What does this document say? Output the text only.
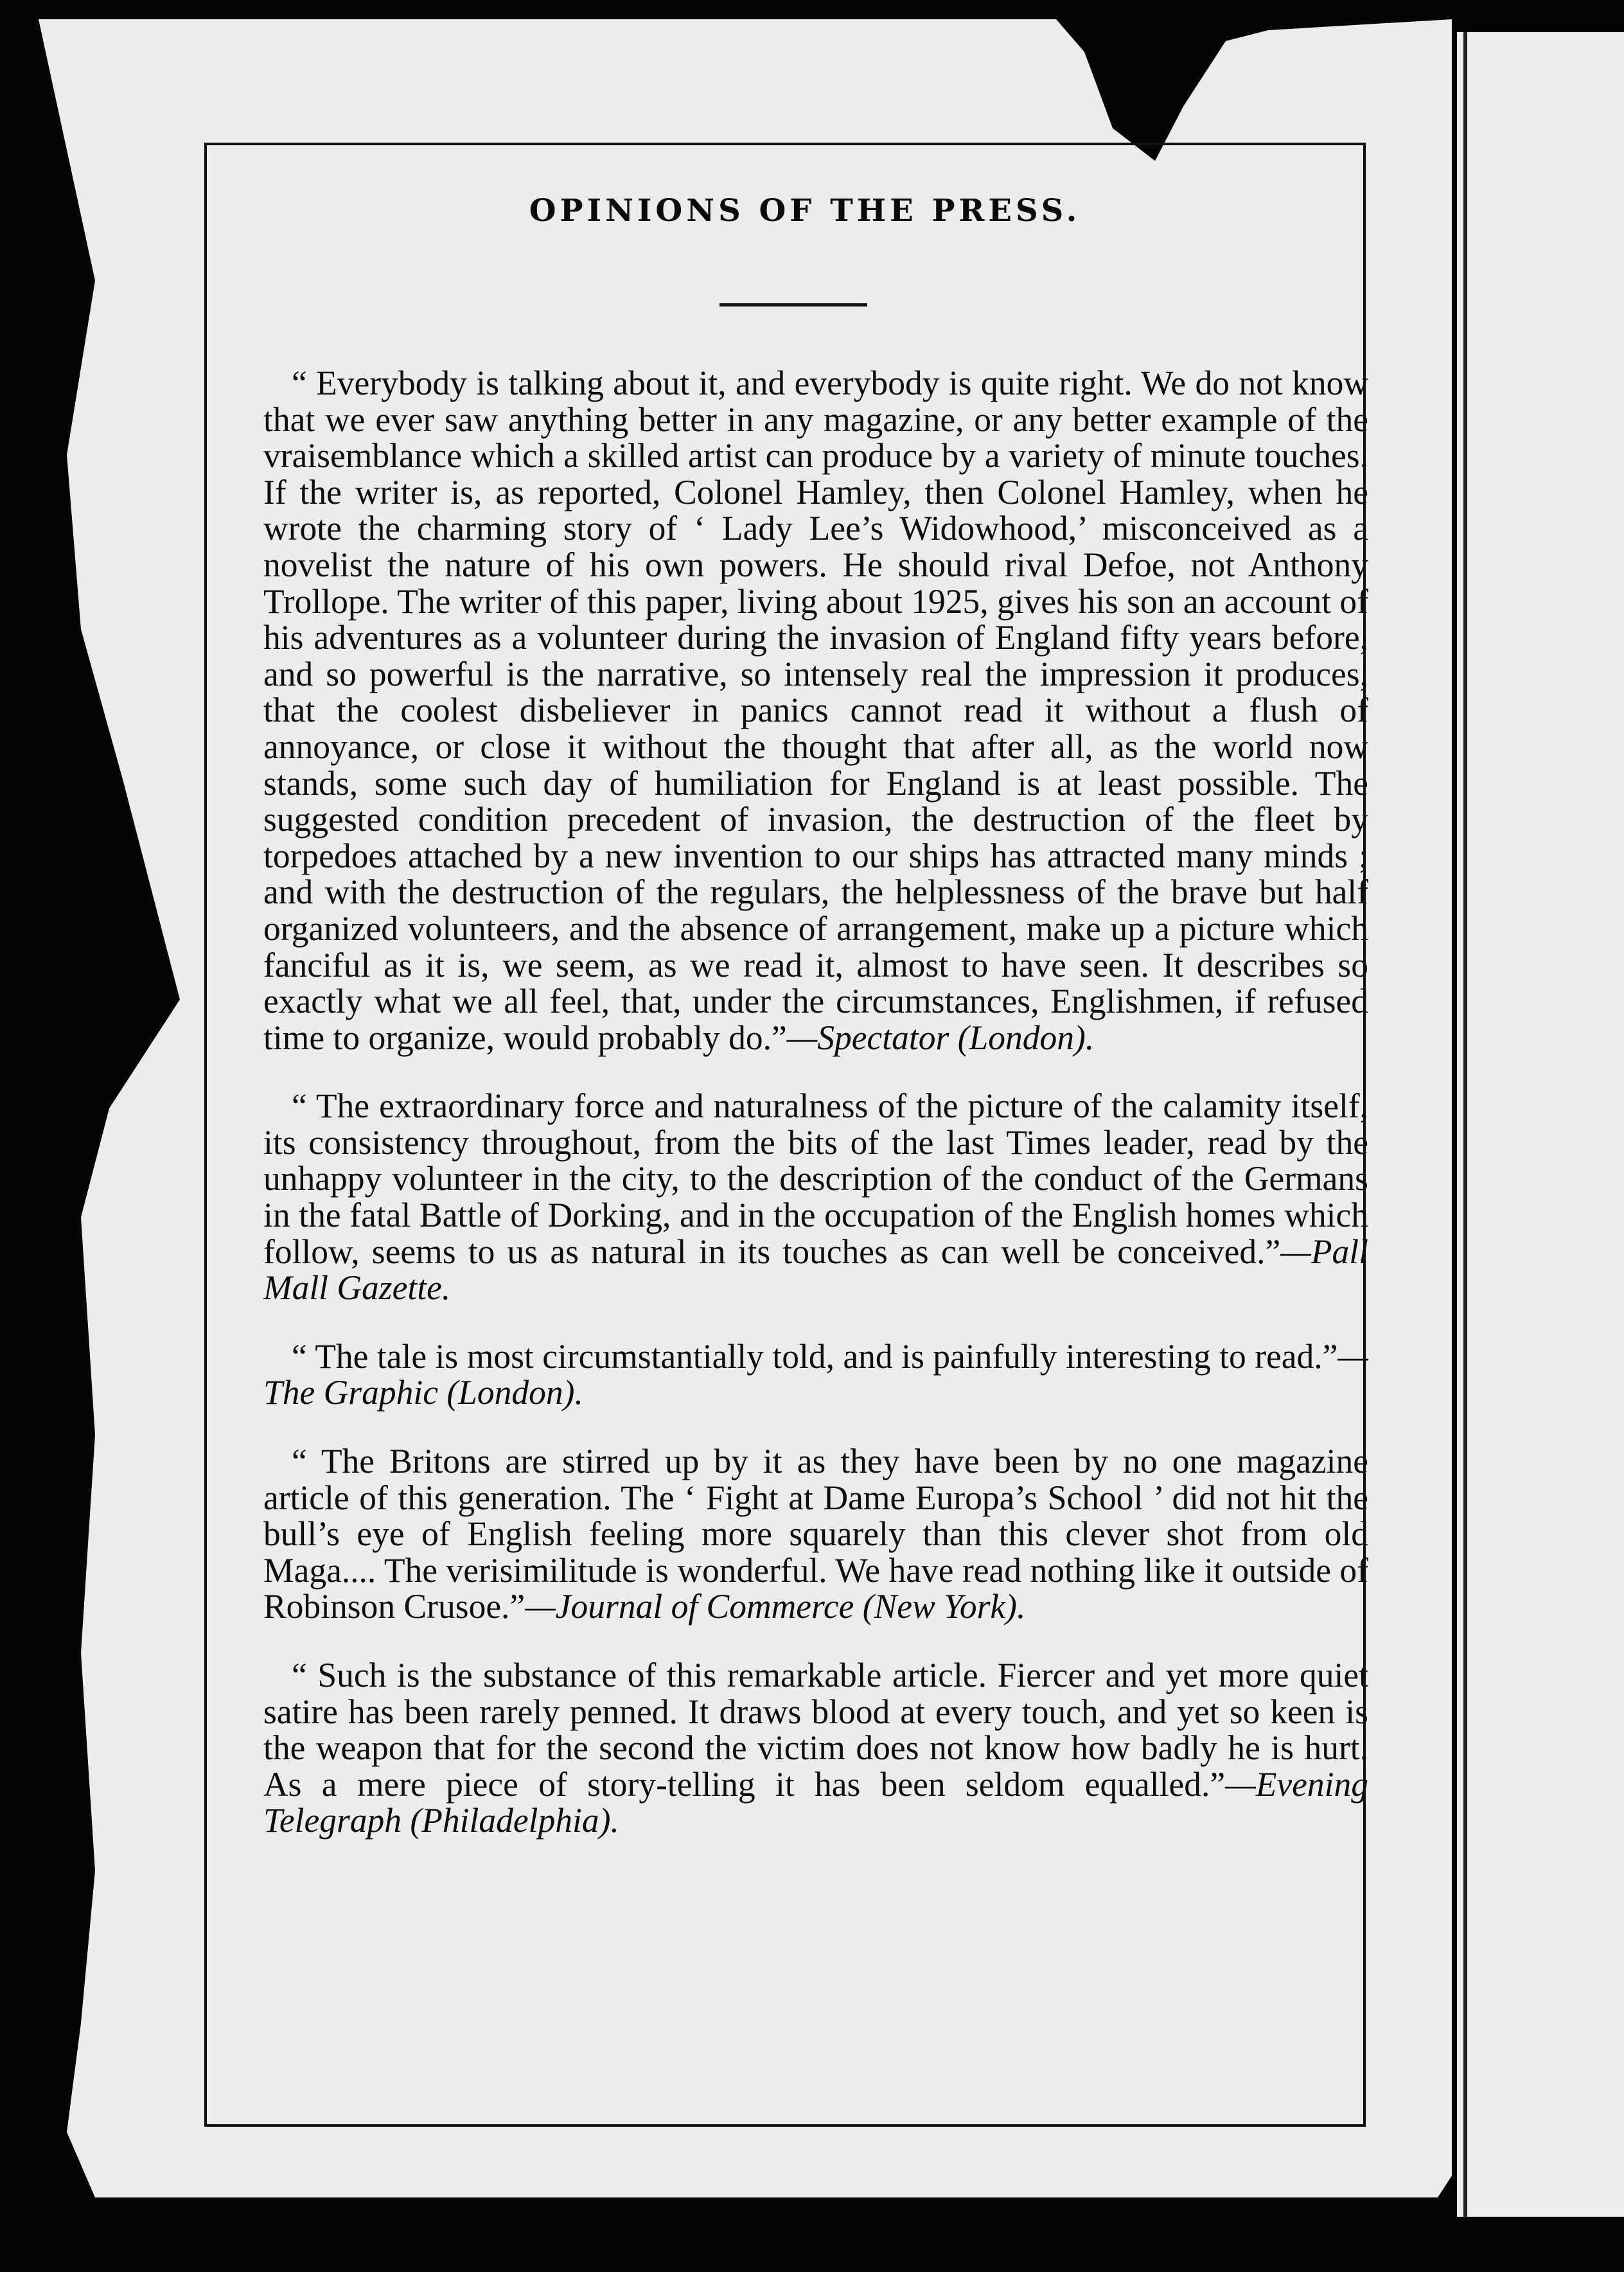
OPINIONS OF THE PRESS.

“ Everybody is talking about it, and everybody is quite right. We do not know that we ever saw anything better in any magazine, or any better example of the vraisemblance which a skilled artist can produce by a variety of minute touches. If the writer is, as reported, Colonel Hamley, then Colonel Hamley, when he wrote the charming story of ‘ Lady Lee’s Widowhood,’ misconceived as a novelist the nature of his own powers. He should rival Defoe, not Anthony Trollope. The writer of this paper, living about 1925, gives his son an account of his adventures as a volunteer during the invasion of England fifty years before, and so powerful is the narrative, so intensely real the impression it produces, that the coolest disbeliever in panics cannot read it without a flush of annoyance, or close it without the thought that after all, as the world now stands, some such day of humiliation for England is at least possible. The suggested condition precedent of invasion, the destruction of the fleet by torpedoes attached by a new invention to our ships has attracted many minds ; and with the destruction of the regulars, the helplessness of the brave but half organized volunteers, and the absence of arrangement, make up a picture which fanciful as it is, we seem, as we read it, almost to have seen. It describes so exactly what we all feel, that, under the circumstances, Englishmen, if refused time to organize, would probably do.”—Spectator (London).

“ The extraordinary force and naturalness of the picture of the calamity itself, its consistency throughout, from the bits of the last Times leader, read by the unhappy volunteer in the city, to the description of the conduct of the Germans in the fatal Battle of Dorking, and in the occupation of the English homes which follow, seems to us as natural in its touches as can well be conceived.”—Pall Mall Gazette.

“ The tale is most circumstantially told, and is painfully interesting to read.”—The Graphic (London).

“ The Britons are stirred up by it as they have been by no one magazine article of this generation. The ‘ Fight at Dame Europa’s School ’ did not hit the bull’s eye of English feeling more squarely than this clever shot from old Maga.... The verisimilitude is wonderful. We have read nothing like it outside of Robinson Crusoe.”—Journal of Commerce (New York).

“ Such is the substance of this remarkable article. Fiercer and yet more quiet satire has been rarely penned. It draws blood at every touch, and yet so keen is the weapon that for the second the victim does not know how badly he is hurt. As a mere piece of story-telling it has been seldom equalled.”—Evening Telegraph (Philadelphia).
